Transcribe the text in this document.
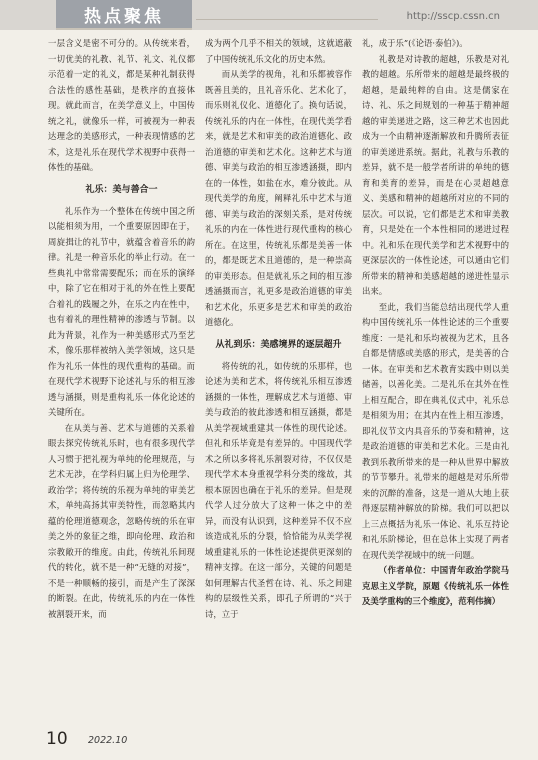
热点聚焦	http://sscp.cssn.cn

一层含义是密不可分的。从传统来看，一切优美的礼教、礼节、礼文、礼仪都示范着一定的礼义，都是某种礼制获得合法性的感性基础，是秩序的直接体现。就此而言，在美学意义上，中国传统之礼，就像乐一样，可被视为一种表达理念的美感形式，一种表现情感的艺术，这是礼乐在现代学术视野中获得一体性的基础。

礼乐：美与善合一

礼乐作为一个整体在传统中国之所以能相须为用，一个重要原因即在于，周旋揖让的礼节中，就蕴含着音乐的韵律。礼是一种音乐化的举止行动。在一些典礼中常常需要配乐；而在乐的演绎中，除了它在相对于礼的外在性上要配合着礼的践履之外，在乐之内在性中，也有着礼的理性精神的渗透与节制。以此为背景，礼作为一种美感形式乃至艺术，像乐那样被纳入美学领域，这只是作为礼乐一体性的现代重构的基础。而在现代学术视野下论述礼与乐的相互渗透与涵摄，则是重构礼乐一体化论述的关键所在。

在从美与善、艺术与道德的关系着眼去探究传统礼乐时，也有很多现代学人习惯于把礼视为单纯的伦理规范，与艺术无涉，在学科归属上归为伦理学、政治学；将传统的乐视为单纯的审美艺术，单纯高扬其审美特性，而忽略其内蕴的伦理道德观念，忽略传统的乐在审美之外的象征之维，即向伦理、政治和宗教敞开的维度。由此，传统礼乐间现代的转化，就不是一种“无缝的对接”，不是一种顺畅的接引，而是产生了深深的断裂。在此，传统礼乐的内在一体性被割裂开来，而

成为两个几乎不相关的领域，这就遮蔽了中国传统礼乐文化的历史本然。

而从美学的视角，礼和乐都被容作既善且美的，且礼音乐化、艺术化了，而乐则礼仪化、道德化了。换句话说，传统礼乐的内在一体性，在现代美学看来，就是艺术和审美的政治道德化、政治道德的审美和艺术化。这种艺术与道德、审美与政治的相互渗透涵摄，即内在的一体性，如盐在水，难分彼此。从现代美学的角度，阐释礼乐中艺术与道德、审美与政治的深刻关系，是对传统礼乐的内在一体性进行现代重构的核心所在。在这里，传统礼乐都是美善一体的，都是既艺术且道德的，是一种崇高的审美形态。但是就礼乐之间的相互渗透涵摄而言，礼更多是政治道德的审美和艺术化，乐更多是艺术和审美的政治道德化。

从礼到乐：美感境界的逐层超升

将传统的礼，如传统的乐那样，也论述为美和艺术，将传统礼乐相互渗透涵摄的一体性，理解成艺术与道德、审美与政治的彼此渗透和相互涵摄，都是从美学视域重建其一体性的现代论述。但礼和乐毕竟是有差异的。中国现代学术之所以多将礼乐割裂对待，不仅仅是现代学术本身重视学科分类的缘故，其根本原因也确在于礼乐的差异。但是现代学人过分放大了这种一体之中的差异，而没有认识到，这种差异不仅不应该造成礼乐的分裂，恰恰能为从美学视域重建礼乐的一体性论述提供更深刻的精神支撑。在这一部分，关键的问题是如何理解古代圣哲在诗、礼、乐之间建构的层级性关系，即孔子所谓的“兴于诗，立于

礼，成于乐”(《论语·泰伯》)。

礼教是对诗教的超越，乐教是对礼教的超越。乐所带来的超越是最终极的超越，是最纯粹的自由。这是儒家在诗、礼、乐之间规划的一种基于精神超越的审美递进之路，这三种艺术也因此成为一个由精神逐渐解放和升腾所表征的审美递进系统。据此，礼教与乐教的差异，就不是一般学者所讲的单纯的德育和美育的差异，而是在心灵超越意义、美感和精神的超越所对应的不同的层次。可以说，它们都是艺术和审美教育，只是处在一个本性相同的递进过程中。礼和乐在现代美学和艺术视野中的更深层次的一体性论述，可以通由它们所带来的精神和美感超越的递进性显示出来。

至此，我们当能总结出现代学人重构中国传统礼乐一体性论述的三个重要维度：一是礼和乐均被视为艺术，且各自都是情感或美感的形式，是美善的合一体。在审美和艺术教育实践中则以美储善，以善化美。二是礼乐在其外在性上相互配合，即在典礼仪式中，礼乐总是相须为用；在其内在性上相互渗透，即礼仪节文内具音乐的节奏和精神，这是政治道德的审美和艺术化。三是由礼教到乐教所带来的是一种从世界中解放的节节攀升。礼带来的超越是对乐所带来的沉醉的准备，这是一道从大地上获得逐层精神解放的阶梯。我们可以把以上三点概括为礼乐一体论、礼乐互持论和礼乐阶梯论，但在总体上实现了两者在现代美学视域中的统一问题。

（作者单位：中国青年政治学院马克思主义学院，原题《传统礼乐一体性及美学重构的三个维度》，范利伟摘）

10 2022.10
